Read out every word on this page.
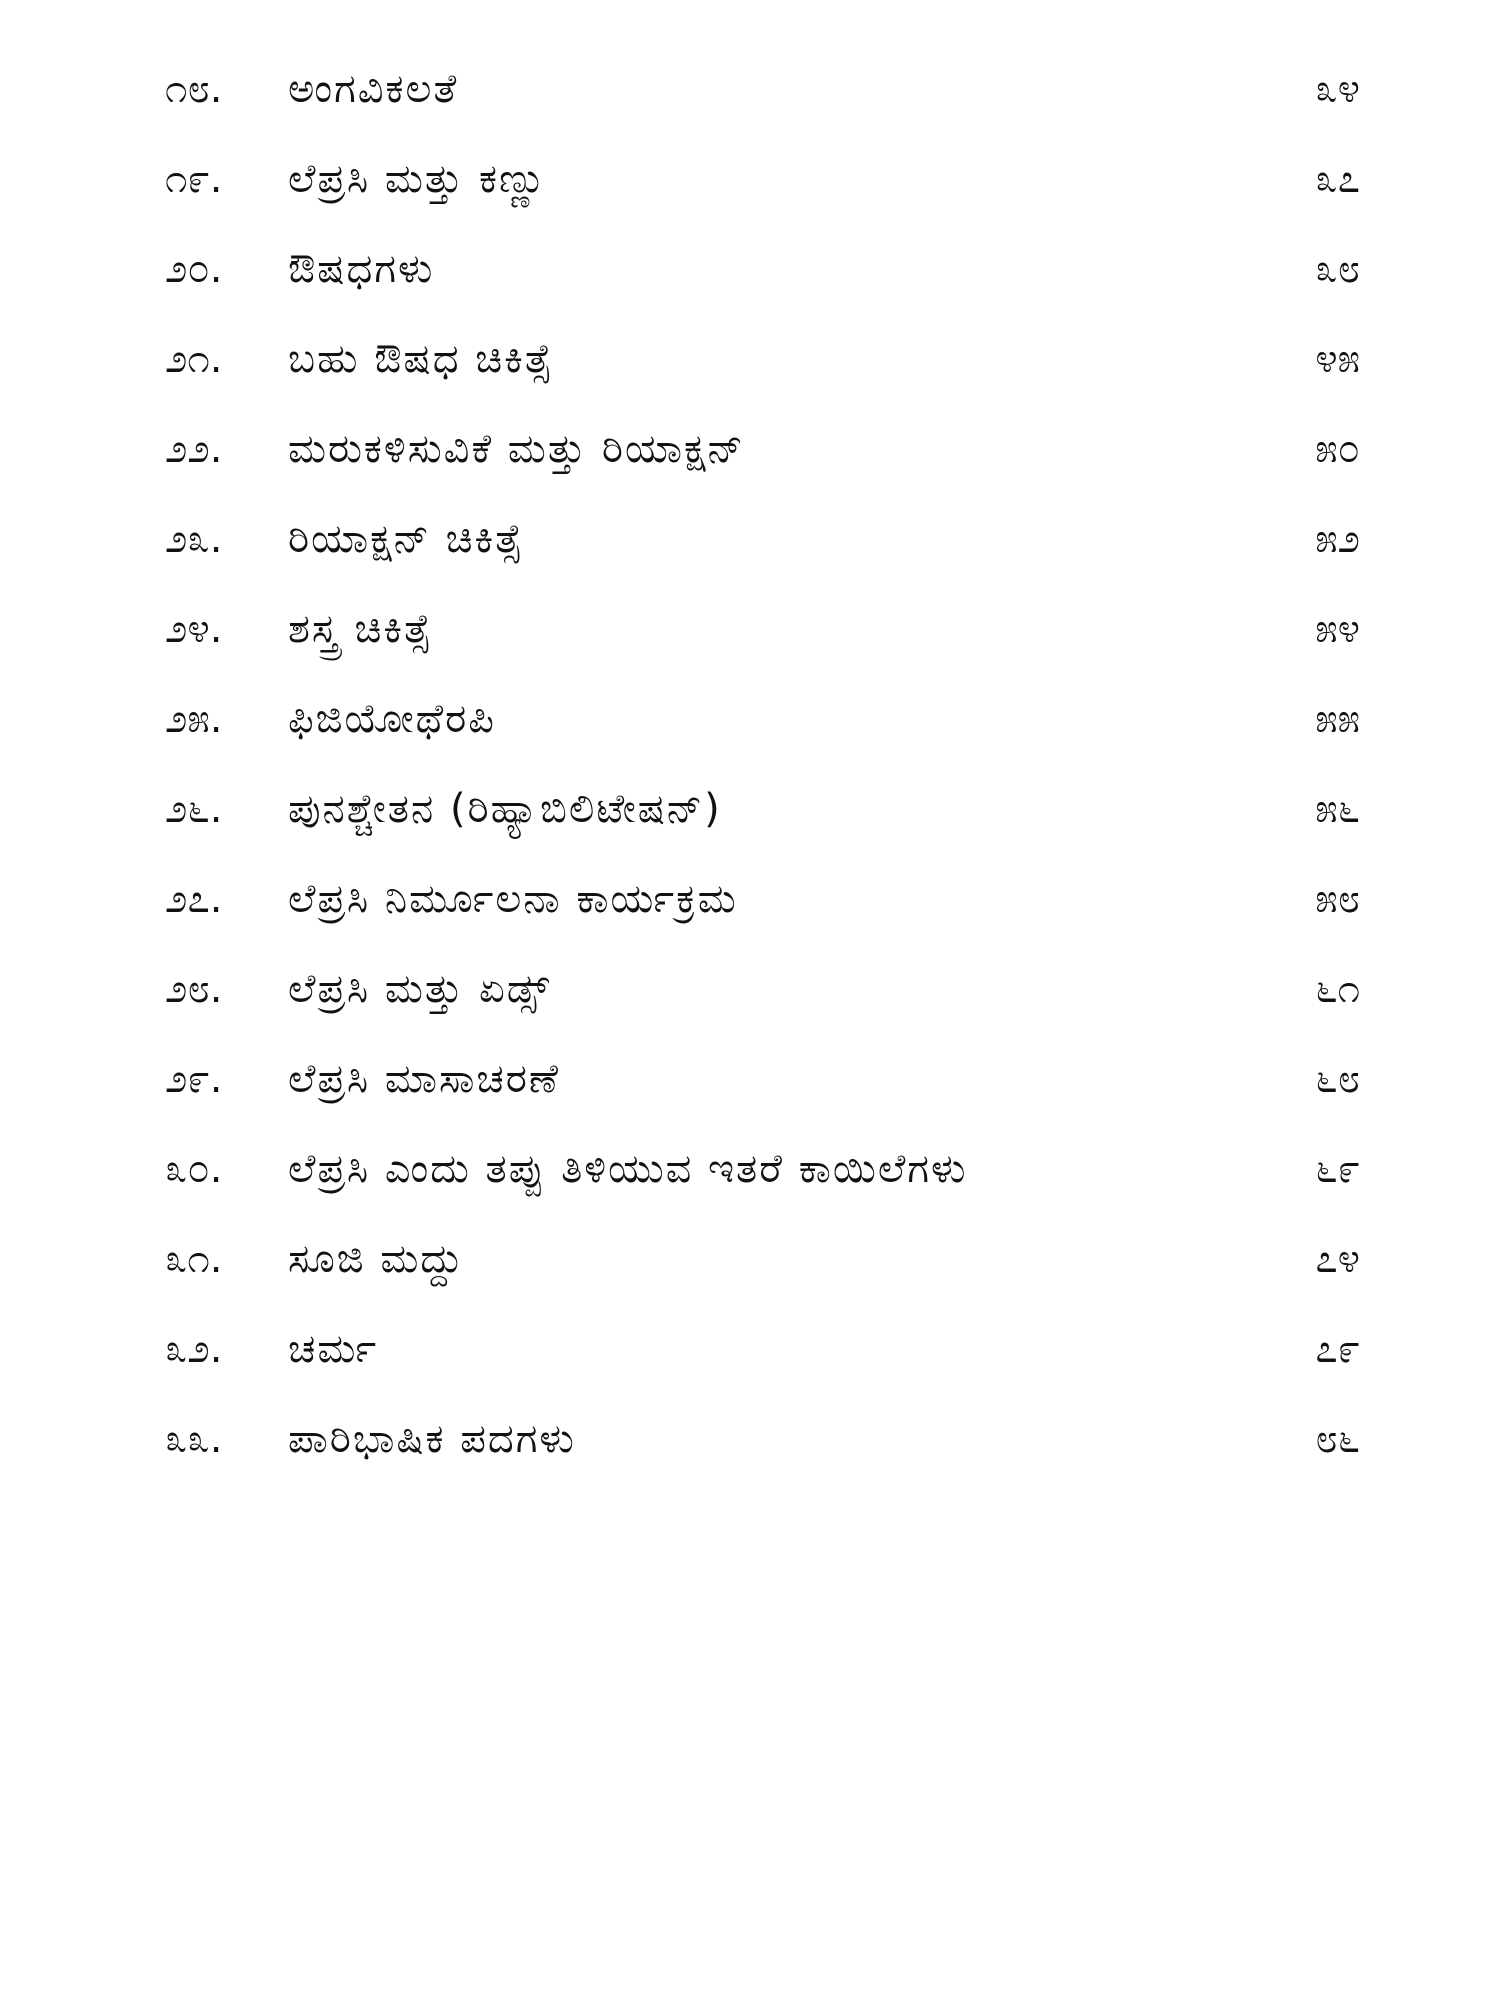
೧೮.	ಅಂಗವಿಕಲತೆ	೩೪
೧೯.	ಲೆಪ್ರಸಿ ಮತ್ತು ಕಣ್ಣು	೩೭
೨೦.	ಔಷಧಗಳು	೩೮
೨೧.	ಬಹು ಔಷಧ ಚಿಕಿತ್ಸೆ	೪೫
೨೨.	ಮರುಕಳಿಸುವಿಕೆ ಮತ್ತು ರಿಯಾಕ್ಷನ್	೫೦
೨೩.	ರಿಯಾಕ್ಷನ್ ಚಿಕಿತ್ಸೆ	೫೨
೨೪.	ಶಸ್ತ್ರ ಚಿಕಿತ್ಸೆ	೫೪
೨೫.	ಫಿಜಿಯೋಥೆರಪಿ	೫೫
೨೬.	ಪುನಶ್ಚೇತನ (ರಿಹ್ಯಾಬಿಲಿಟೇಷನ್)	೫೬
೨೭.	ಲೆಪ್ರಸಿ ನಿರ್ಮೂಲನಾ ಕಾರ್ಯಕ್ರಮ	೫೮
೨೮.	ಲೆಪ್ರಸಿ ಮತ್ತು ಏಡ್ಸ್	೬೧
೨೯.	ಲೆಪ್ರಸಿ ಮಾಸಾಚರಣೆ	೬೮
೩೦.	ಲೆಪ್ರಸಿ ಎಂದು ತಪ್ಪು ತಿಳಿಯುವ ಇತರೆ ಕಾಯಿಲೆಗಳು	೬೯
೩೧.	ಸೂಜಿ ಮದ್ದು	೭೪
೩೨.	ಚರ್ಮ	೭೯
೩೩.	ಪಾರಿಭಾಷಿಕ ಪದಗಳು	೮೬
